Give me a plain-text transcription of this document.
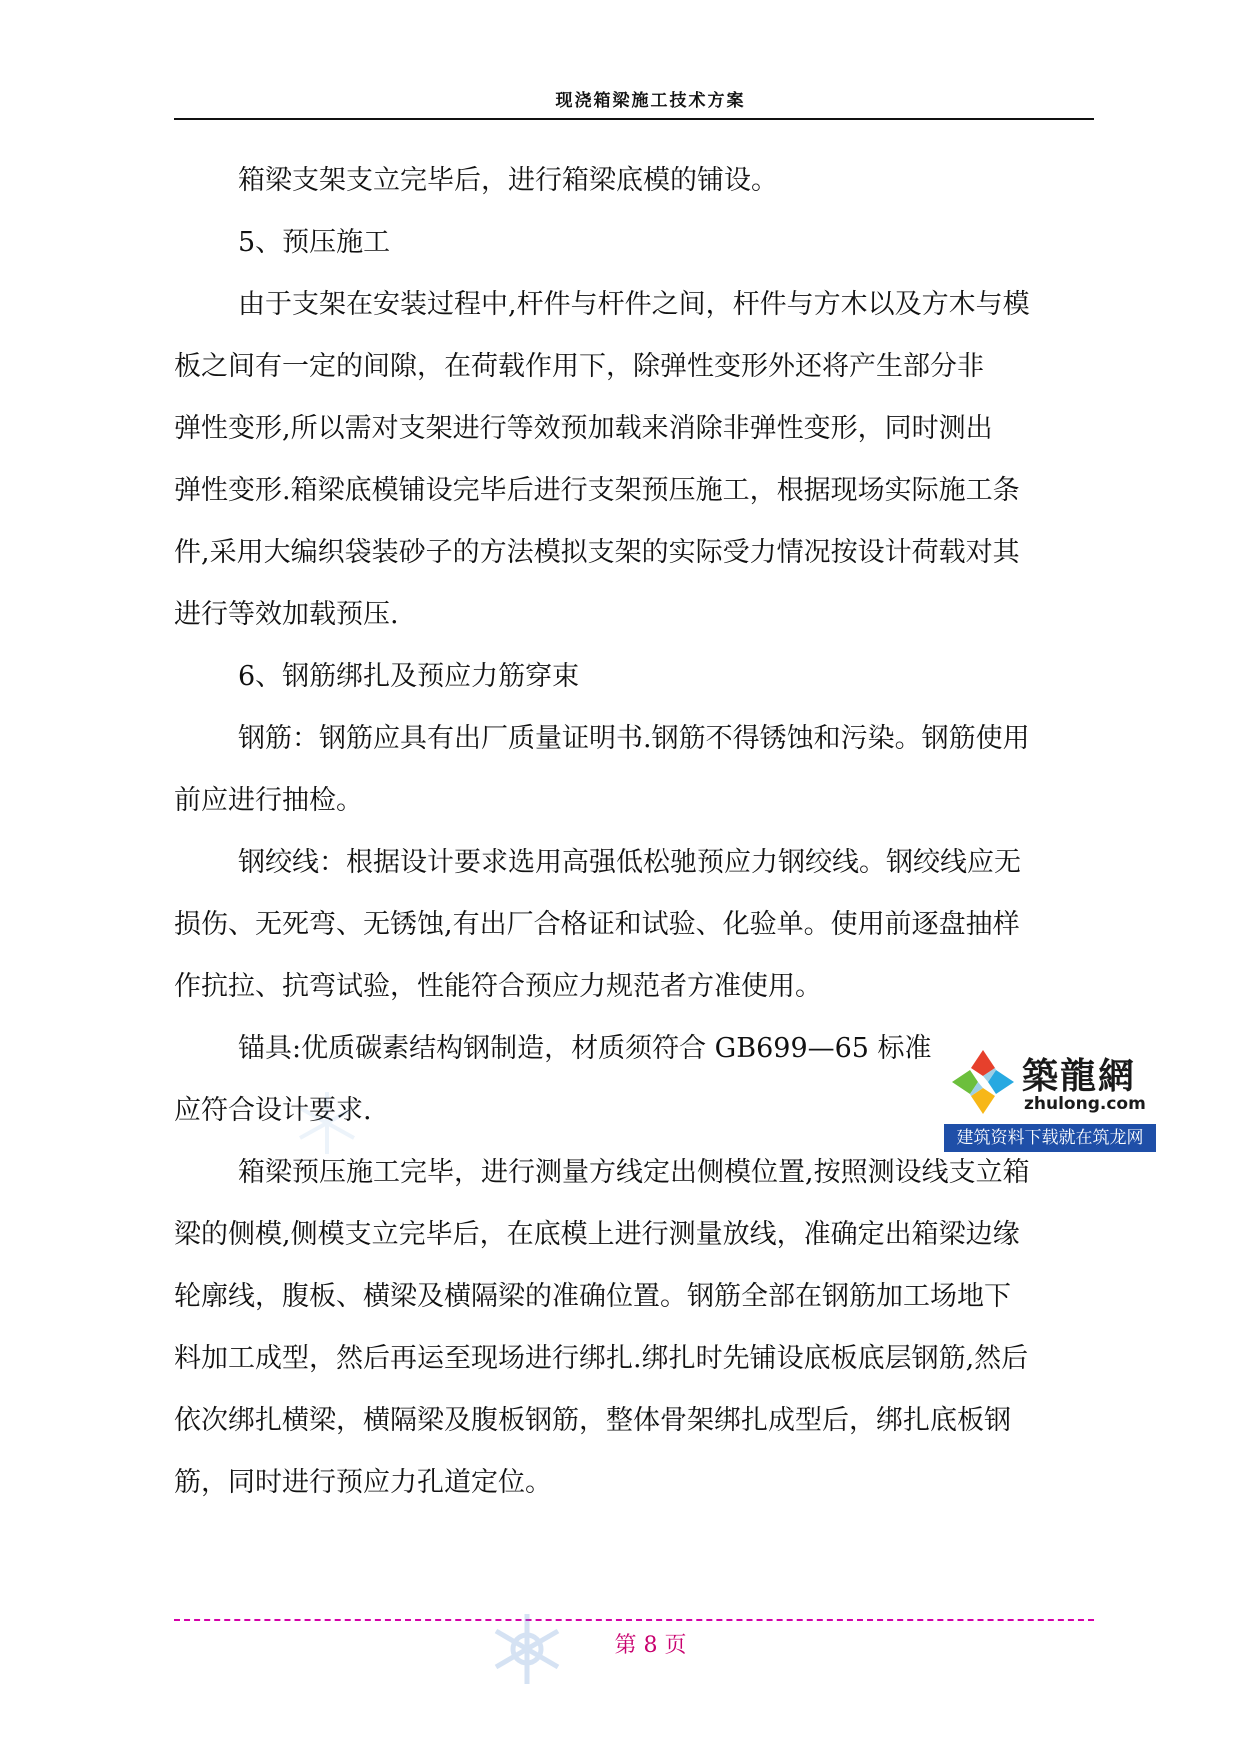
现浇箱梁施工技术方案

箱梁支架支立完毕后，进行箱梁底模的铺设。

5、预压施工

由于支架在安装过程中,杆件与杆件之间，杆件与方木以及方木与模

板之间有一定的间隙，在荷载作用下，除弹性变形外还将产生部分非

弹性变形,所以需对支架进行等效预加载来消除非弹性变形，同时测出

弹性变形.箱梁底模铺设完毕后进行支架预压施工，根据现场实际施工条

件,采用大编织袋装砂子的方法模拟支架的实际受力情况按设计荷载对其

进行等效加载预压.

6、钢筋绑扎及预应力筋穿束

钢筋：钢筋应具有出厂质量证明书.钢筋不得锈蚀和污染。钢筋使用

前应进行抽检。

钢绞线：根据设计要求选用高强低松驰预应力钢绞线。钢绞线应无

损伤、无死弯、无锈蚀,有出厂合格证和试验、化验单。使用前逐盘抽样

作抗拉、抗弯试验，性能符合预应力规范者方准使用。

锚具:优质碳素结构钢制造，材质须符合 GB699—65 标准

应符合设计要求.

箱梁预压施工完毕，进行测量方线定出侧模位置,按照测设线支立箱

梁的侧模,侧模支立完毕后，在底模上进行测量放线，准确定出箱梁边缘

轮廓线，腹板、横梁及横隔梁的准确位置。钢筋全部在钢筋加工场地下

料加工成型，然后再运至现场进行绑扎.绑扎时先铺设底板底层钢筋,然后

依次绑扎横梁，横隔梁及腹板钢筋，整体骨架绑扎成型后，绑扎底板钢

筋，同时进行预应力孔道定位。

築龍網
zhulong.com
建筑资料下载就在筑龙网
第 8 页
